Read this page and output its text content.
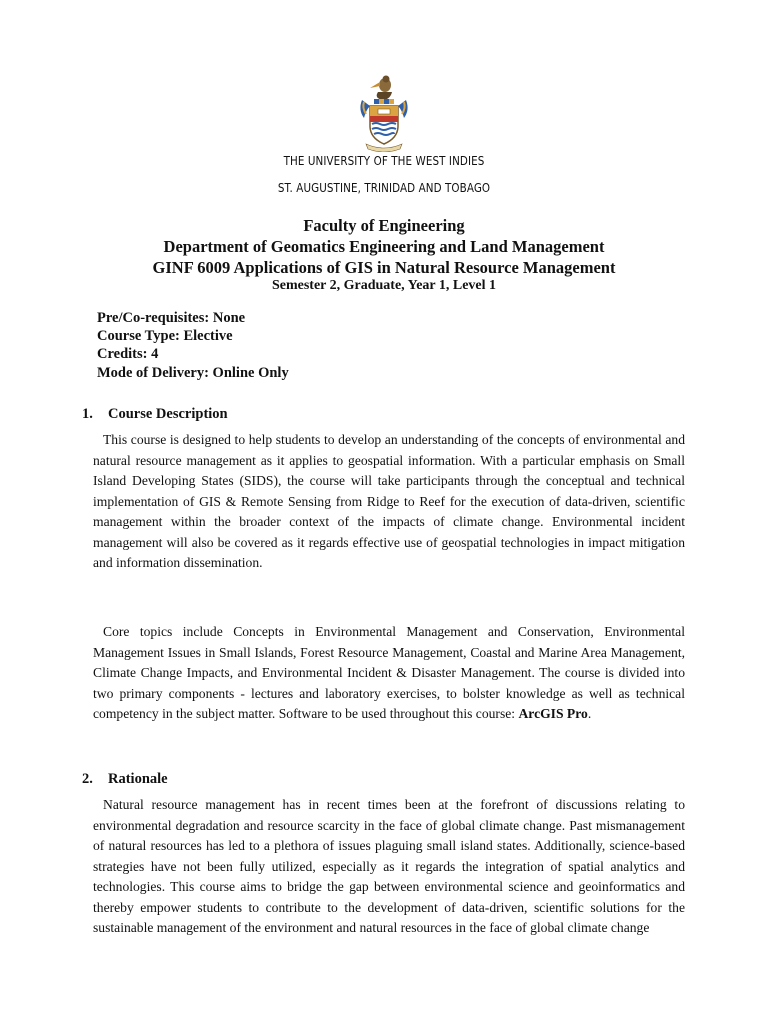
THE UNIVERSITY OF THE WEST INDIES
ST. AUGUSTINE, TRINIDAD AND TOBAGO
Faculty of Engineering
Department of Geomatics Engineering and Land Management
GINF 6009 Applications of GIS in Natural Resource Management
Semester 2, Graduate, Year 1, Level 1
Pre/Co-requisites: None
Course Type: Elective
Credits: 4
Mode of Delivery: Online Only
1. Course Description

This course is designed to help students to develop an understanding of the concepts of environmental and natural resource management as it applies to geospatial information. With a particular emphasis on Small Island Developing States (SIDS), the course will take participants through the conceptual and technical implementation of GIS & Remote Sensing from Ridge to Reef for the execution of data-driven, scientific management within the broader context of the impacts of climate change. Environmental incident management will also be covered as it regards effective use of geospatial technologies in impact mitigation and information dissemination.

Core topics include Concepts in Environmental Management and Conservation, Environmental Management Issues in Small Islands, Forest Resource Management, Coastal and Marine Area Management, Climate Change Impacts, and Environmental Incident & Disaster Management. The course is divided into two primary components - lectures and laboratory exercises, to bolster knowledge as well as technical competency in the subject matter. Software to be used throughout this course: ArcGIS Pro.

2. Rationale

Natural resource management has in recent times been at the forefront of discussions relating to environmental degradation and resource scarcity in the face of global climate change. Past mismanagement of natural resources has led to a plethora of issues plaguing small island states. Additionally, science-based strategies have not been fully utilized, especially as it regards the integration of spatial analytics and technologies. This course aims to bridge the gap between environmental science and geoinformatics and thereby empower students to contribute to the development of data-driven, scientific solutions for the sustainable management of the environment and natural resources in the face of global climate change
